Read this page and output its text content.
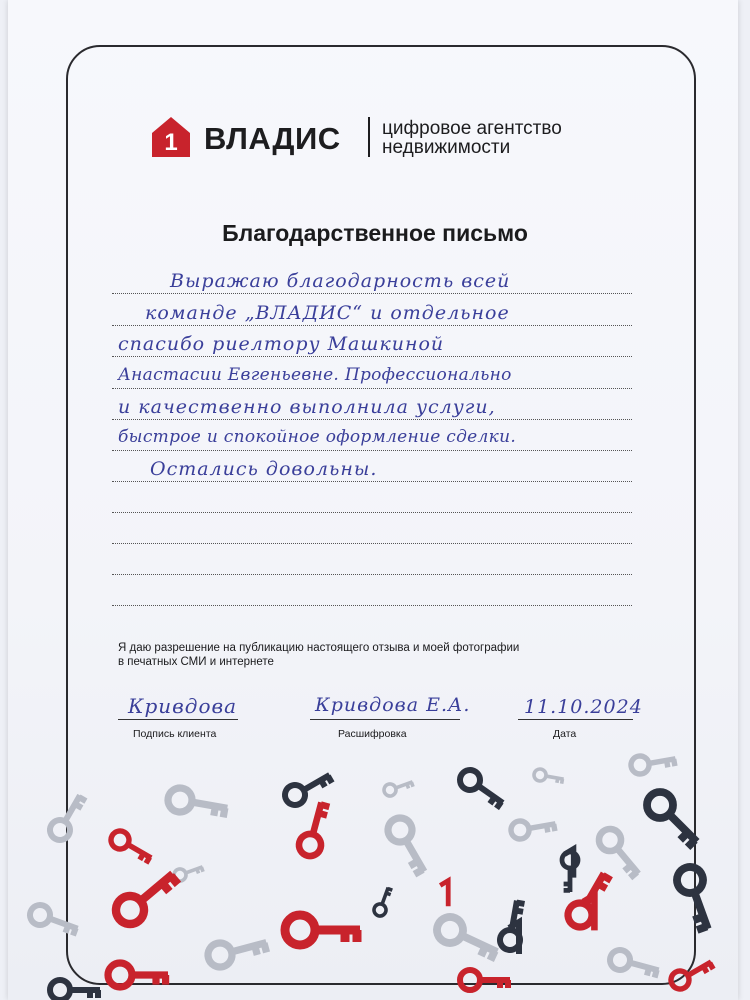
1 ВЛАДИС цифровое агентство
недвижимости
Благодарственное письмо
Выражаю благодарность всей
команде „ВЛАДИС“ и отдельное
спасибо риелтору Машкиной
Анастасии Евгеньевне. Профессионально
и качественно выполнила услуги,
быстрое и спокойное оформление сделки.
Остались довольны.
Я даю разрешение на публикацию настоящего отзыва и моей фотографии
в печатных СМИ и интернете
Кривдова
Подпись клиента
Кривдова Е.А.
Расшифровка
11.10.2024
Дата
